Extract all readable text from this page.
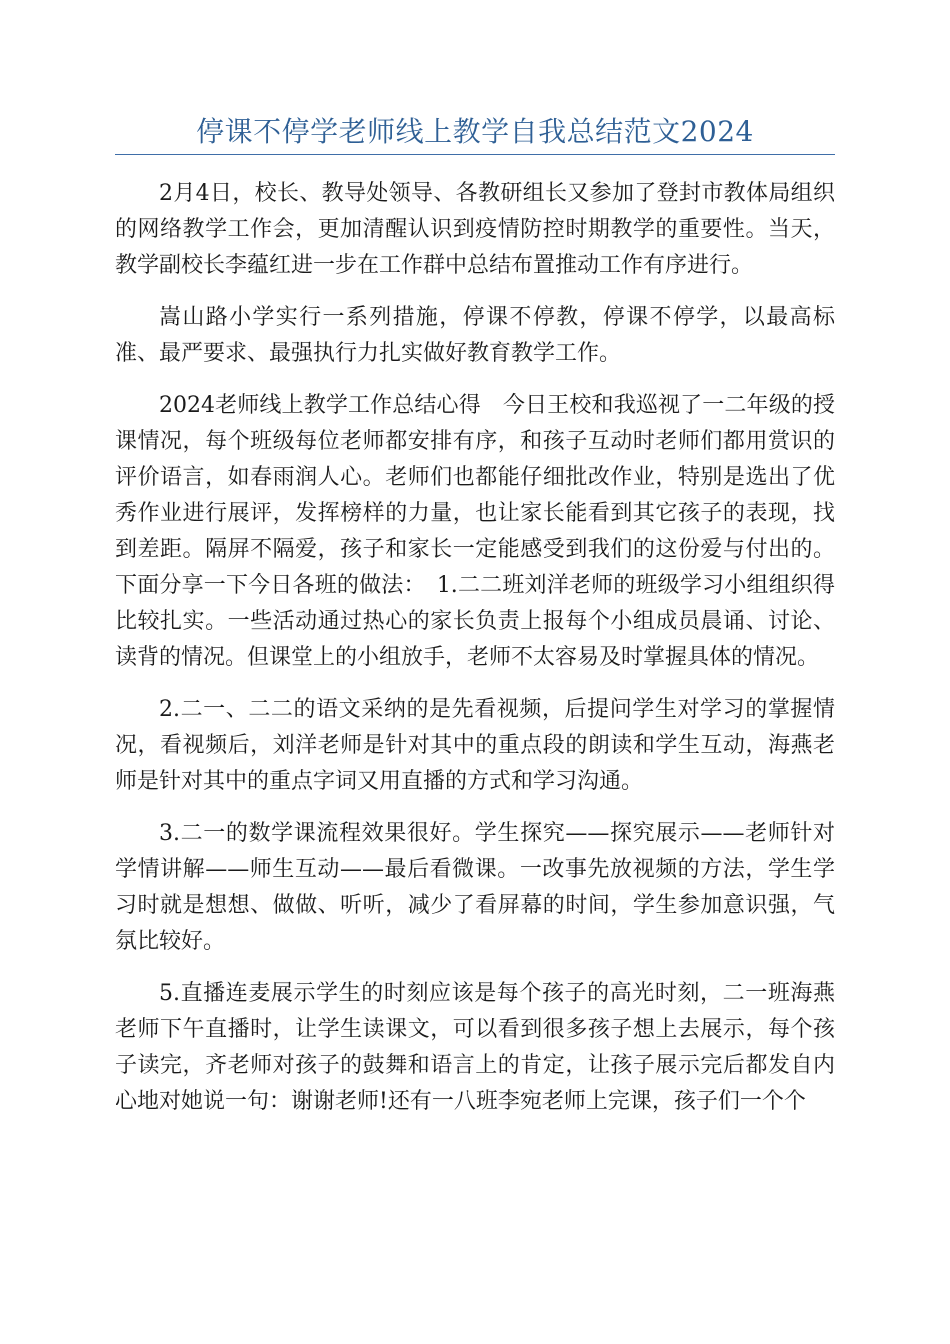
停课不停学老师线上教学自我总结范文2024

2月4日，校长、教导处领导、各教研组长又参加了登封市教体局组织的网络教学工作会，更加清醒认识到疫情防控时期教学的重要性。当天，教学副校长李蕴红进一步在工作群中总结布置推动工作有序进行。

嵩山路小学实行一系列措施，停课不停教，停课不停学，以最高标准、最严要求、最强执行力扎实做好教育教学工作。

2024老师线上教学工作总结心得　今日王校和我巡视了一二年级的授课情况，每个班级每位老师都安排有序，和孩子互动时老师们都用赏识的评价语言，如春雨润人心。老师们也都能仔细批改作业，特别是选出了优秀作业进行展评，发挥榜样的力量，也让家长能看到其它孩子的表现，找到差距。隔屏不隔爱，孩子和家长一定能感受到我们的这份爱与付出的。下面分享一下今日各班的做法：　1.二二班刘洋老师的班级学习小组组织得比较扎实。一些活动通过热心的家长负责上报每个小组成员晨诵、讨论、读背的情况。但课堂上的小组放手，老师不太容易及时掌握具体的情况。

2.二一、二二的语文采纳的是先看视频，后提问学生对学习的掌握情况，看视频后，刘洋老师是针对其中的重点段的朗读和学生互动，海燕老师是针对其中的重点字词又用直播的方式和学习沟通。

3.二一的数学课流程效果很好。学生探究——探究展示——老师针对学情讲解——师生互动——最后看微课。一改事先放视频的方法，学生学习时就是想想、做做、听听，减少了看屏幕的时间，学生参加意识强，气氛比较好。

5.直播连麦展示学生的时刻应该是每个孩子的高光时刻，二一班海燕老师下午直播时，让学生读课文，可以看到很多孩子想上去展示，每个孩子读完，齐老师对孩子的鼓舞和语言上的肯定，让孩子展示完后都发自内心地对她说一句：谢谢老师!还有一八班李宛老师上完课，孩子们一个个
